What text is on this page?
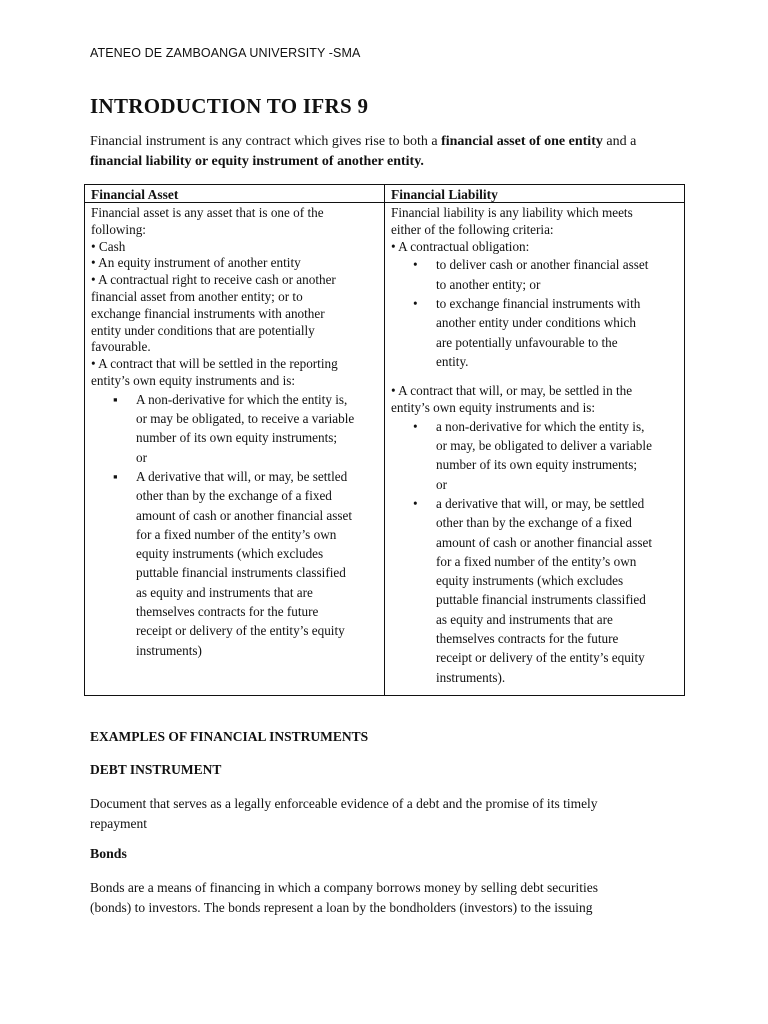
ATENEO DE ZAMBOANGA UNIVERSITY -SMA
INTRODUCTION TO IFRS 9
Financial instrument is any contract which gives rise to both a financial asset of one entity and a financial liability or equity instrument of another entity.
Financial Asset

Financial asset is any asset that is one of the

following:

• Cash

• An equity instrument of another entity

• A contractual right to receive cash or another

financial asset from another entity; or to

exchange financial instruments with another

entity under conditions that are potentially

favourable.

• A contract that will be settled in the reporting

entity’s own equity instruments and is:

▪ A non-derivative for which the entity is,
or may be obligated, to receive a variable
number of its own equity instruments;
or
▪ A derivative that will, or may, be settled
other than by the exchange of a fixed
amount of cash or another financial asset
for a fixed number of the entity’s own
equity instruments (which excludes
puttable financial instruments classified
as equity and instruments that are
themselves contracts for the future
receipt or delivery of the entity’s equity
instruments)
Financial Liability

Financial liability is any liability which meets

either of the following criteria:

• A contractual obligation:

• to deliver cash or another financial asset
to another entity; or
• to exchange financial instruments with
another entity under conditions which
are potentially unfavourable to the
entity.

• A contract that will, or may, be settled in the

entity’s own equity instruments and is:

• a non-derivative for which the entity is,
or may, be obligated to deliver a variable
number of its own equity instruments;
or
• a derivative that will, or may, be settled
other than by the exchange of a fixed
amount of cash or another financial asset
for a fixed number of the entity’s own
equity instruments (which excludes
puttable financial instruments classified
as equity and instruments that are
themselves contracts for the future
receipt or delivery of the entity’s equity
instruments).
EXAMPLES OF FINANCIAL INSTRUMENTS
DEBT INSTRUMENT
Document that serves as a legally enforceable evidence of a debt and the promise of its timely
repayment
Bonds
Bonds are a means of financing in which a company borrows money by selling debt securities
(bonds) to investors. The bonds represent a loan by the bondholders (investors) to the issuing
